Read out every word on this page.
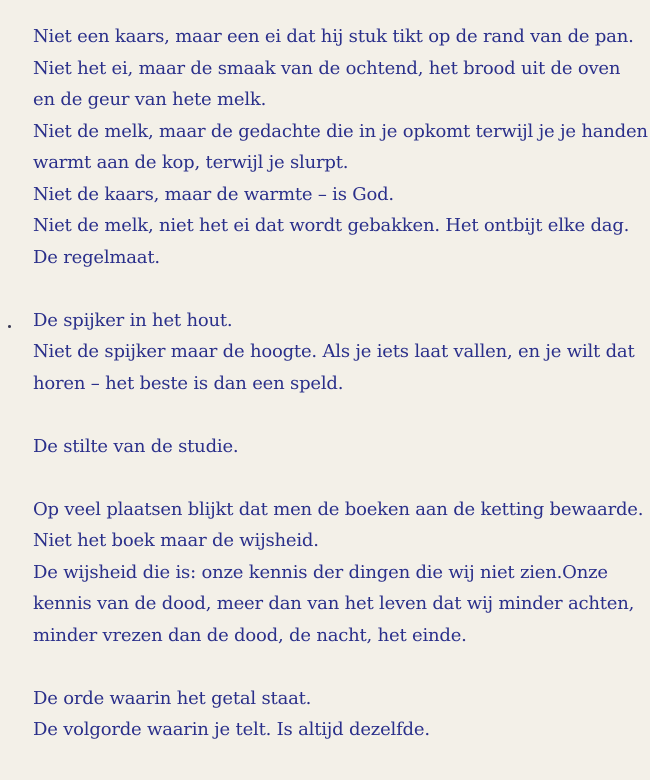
Niet een kaars, maar een ei dat hij stuk tikt op de rand van de pan.
Niet het ei, maar de smaak van de ochtend, het brood uit de oven
en de geur van hete melk.
Niet de melk, maar de gedachte die in je opkomt terwijl je je handen
warmt aan de kop, terwijl je slurpt.
Niet de kaars, maar de warmte – is God.
Niet de melk, niet het ei dat wordt gebakken. Het ontbijt elke dag.
De regelmaat.
De spijker in het hout.
Niet de spijker maar de hoogte. Als je iets laat vallen, en je wilt dat
horen – het beste is dan een speld.
De stilte van de studie.
Op veel plaatsen blijkt dat men de boeken aan de ketting bewaarde.
Niet het boek maar de wijsheid.
De wijsheid die is: onze kennis der dingen die wij niet zien.Onze
kennis van de dood, meer dan van het leven dat wij minder achten,
minder vrezen dan de dood, de nacht, het einde.
De orde waarin het getal staat.
De volgorde waarin je telt. Is altijd dezelfde.
